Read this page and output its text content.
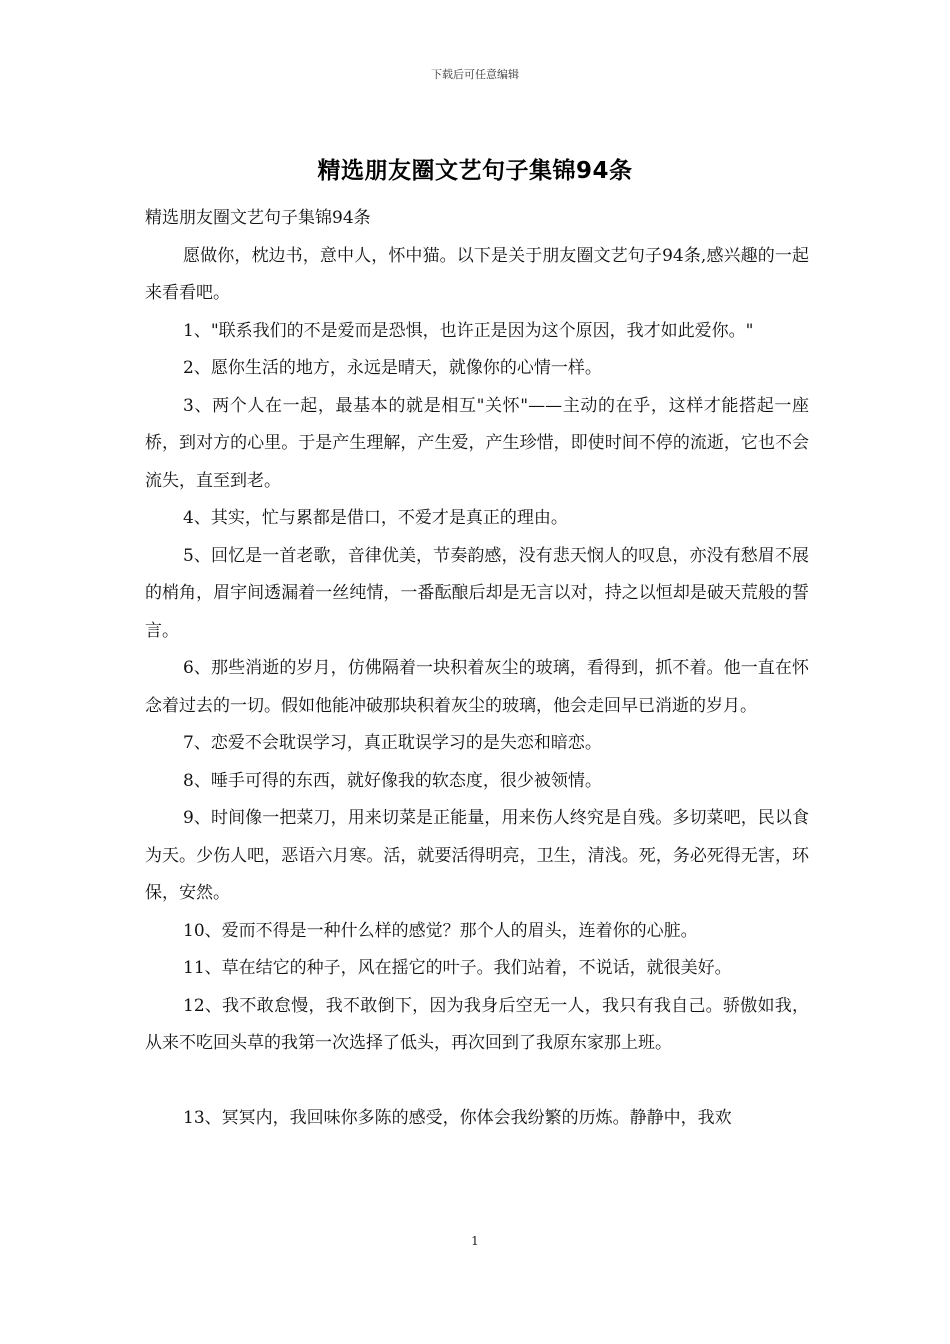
下载后可任意编辑
精选朋友圈文艺句子集锦94条

精选朋友圈文艺句子集锦94条

愿做你，枕边书，意中人，怀中猫。以下是关于朋友圈文艺句子94条,感兴趣的一起来看看吧。

1、"联系我们的不是爱而是恐惧，也许正是因为这个原因，我才如此爱你。"

2、愿你生活的地方，永远是晴天，就像你的心情一样。

3、两个人在一起，最基本的就是相互"关怀"——主动的在乎，这样才能搭起一座桥，到对方的心里。于是产生理解，产生爱，产生珍惜，即使时间不停的流逝，它也不会流失，直至到老。

4、其实，忙与累都是借口，不爱才是真正的理由。

5、回忆是一首老歌，音律优美，节奏韵感，没有悲天悯人的叹息，亦没有愁眉不展的梢角，眉宇间透漏着一丝纯情，一番酝酿后却是无言以对，持之以恒却是破天荒般的誓言。

6、那些消逝的岁月，仿佛隔着一块积着灰尘的玻璃，看得到，抓不着。他一直在怀念着过去的一切。假如他能冲破那块积着灰尘的玻璃，他会走回早已消逝的岁月。

7、恋爱不会耽误学习，真正耽误学习的是失恋和暗恋。

8、唾手可得的东西，就好像我的软态度，很少被领情。

9、时间像一把菜刀，用来切菜是正能量，用来伤人终究是自残。多切菜吧，民以食为天。少伤人吧，恶语六月寒。活，就要活得明亮，卫生，清浅。死，务必死得无害，环保，安然。

10、爱而不得是一种什么样的感觉？那个人的眉头，连着你的心脏。

11、草在结它的种子，风在摇它的叶子。我们站着，不说话，就很美好。

12、我不敢怠慢，我不敢倒下，因为我身后空无一人，我只有我自己。骄傲如我，从来不吃回头草的我第一次选择了低头，再次回到了我原东家那上班。

13、冥冥内，我回味你多陈的感受，你体会我纷繁的历炼。静静中，我欢

1
